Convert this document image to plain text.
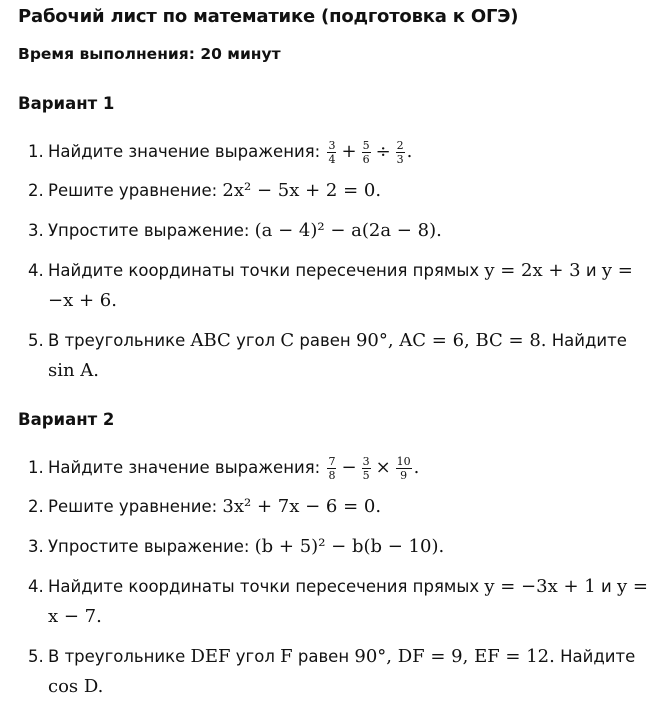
Рабочий лист по математике (подготовка к ОГЭ)
Время выполнения: 20 минут
Вариант 1
1. Найдите значение выражения: $\frac{3}{4} + \frac{5}{6} \div \frac{2}{3}$ .
2. Решите уравнение: 2x² − 5x + 2 = 0.
3. Упростите выражение: (a − 4)² − a(2a − 8).
4. Найдите координаты точки пересечения прямых y = 2x + 3 и y =
−x + 6.
5. В треугольнике ABC угол C равен 90°, AC = 6, BC = 8. Найдите
sin A.
Вариант 2
1. Найдите значение выражения: $\frac{7}{8} - \frac{3}{5} \times \frac{10}{9}$ .
2. Решите уравнение: 3x² + 7x − 6 = 0.
3. Упростите выражение: (b + 5)² − b(b − 10).
4. Найдите координаты точки пересечения прямых y = −3x + 1 и y =
x − 7.
5. В треугольнике DEF угол F равен 90°, DF = 9, EF = 12. Найдите
cos D.
